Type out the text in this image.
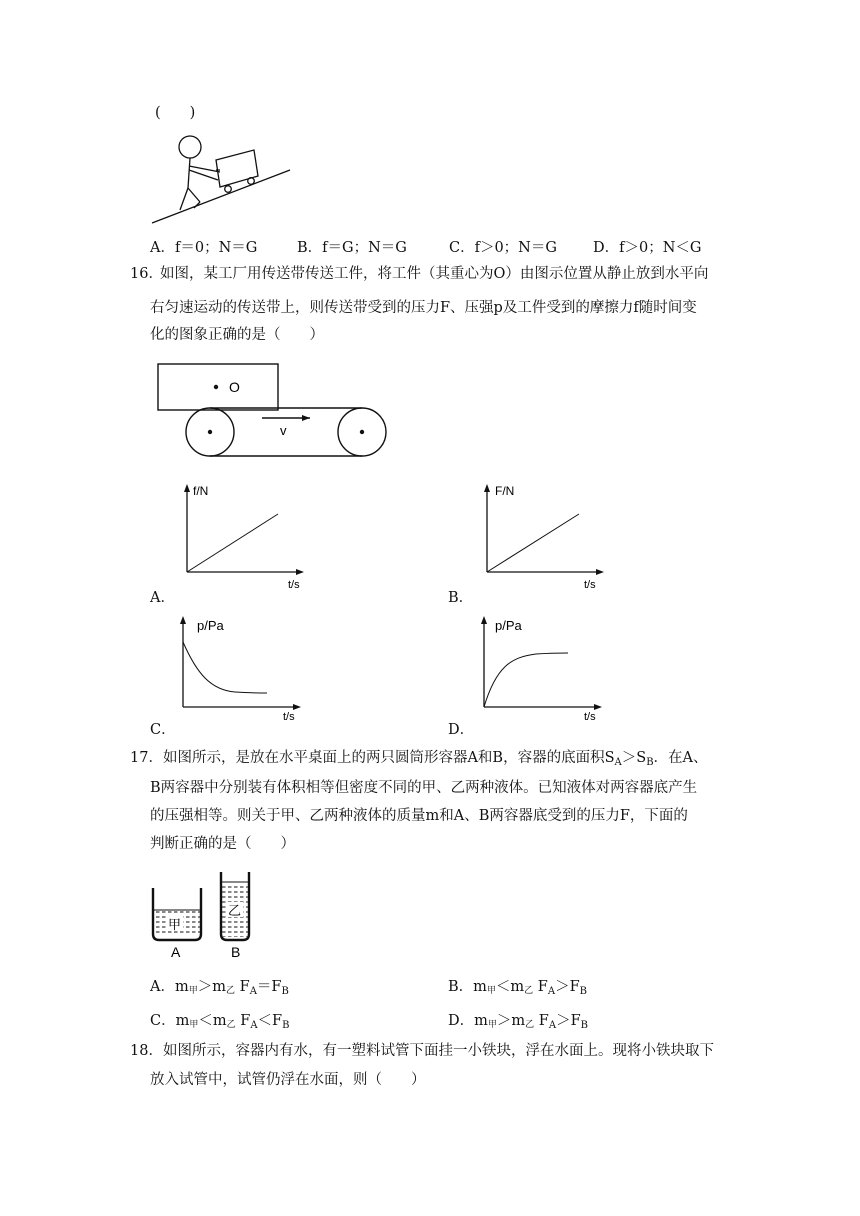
(　　)
A．f＝0；N＝G	B．f＝G；N＝G	C．f＞0；N＝G D．f＞0；N＜G
16．
如图，某工厂用传送带传送工件，将工件（其重心为O）由图示位置从静止放到水平向
右匀速运动的传送带上，则传送带受到的压力F、压强p及工件受到的摩擦力f随时间变
化的图象正确的是（　　）
O
v
f/N
t/s
A．
F/N
t/s
B．
p/Pa
t/s
C．
p/Pa
t/s
D．
17．如图所示，是放在水平桌面上的两只圆筒形容器A和B，容器的底面积$S_A>S_B$．在A、
B两容器中分别装有体积相等但密度不同的甲、乙两种液体。已知液体对两容器底产生
的压强相等。则关于甲、乙两种液体的质量m和A、B两容器底受到的压力F，下面的
判断正确的是（　　）
甲
乙
A	B
A．m甲＞m乙 $F_A=F_B$	B．m甲＜m乙 $F_A>F_B$
C．m甲＜m乙 $F_A<F_B$	D．m甲＞m乙 $F_A>F_B$
18．如图所示，容器内有水，有一塑料试管下面挂一小铁块，浮在水面上。现将小铁块取下
放入试管中，试管仍浮在水面，则（　　）
